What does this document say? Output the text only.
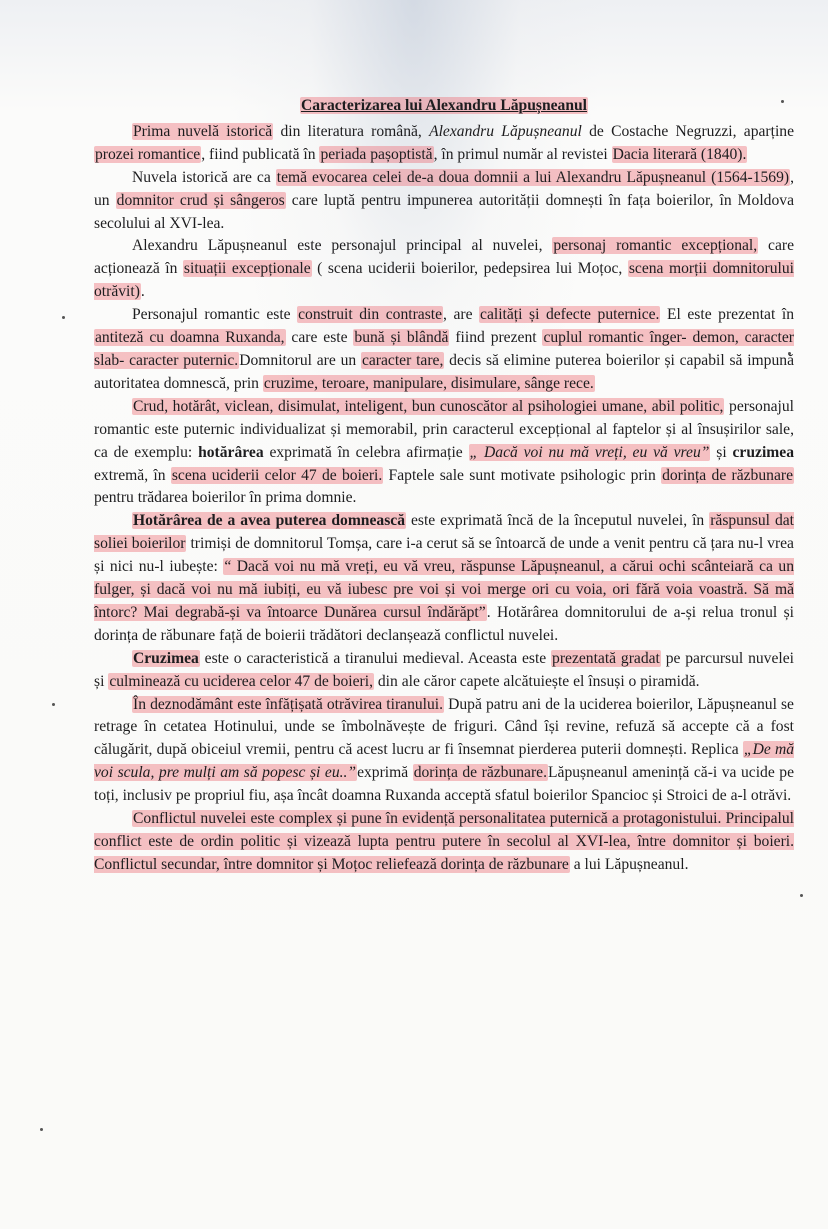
Caracterizarea lui Alexandru Lăpușneanul

Prima nuvelă istorică din literatura română, Alexandru Lăpușneanul de Costache Negruzzi, aparține prozei romantice, fiind publicată în periada pașoptistă, în primul număr al revistei Dacia literară (1840).

Nuvela istorică are ca temă evocarea celei de-a doua domnii a lui Alexandru Lăpușneanul (1564-1569), un domnitor crud și sângeros care luptă pentru impunerea autorității domnești în fața boierilor, în Moldova secolului al XVI-lea.

Alexandru Lăpușneanul este personajul principal al nuvelei, personaj romantic excepțional, care acționează în situații excepționale ( scena uciderii boierilor, pedepsirea lui Moțoc, scena morții domnitorului otrăvit).

Personajul romantic este construit din contraste, are calități și defecte puternice. El este prezentat în antiteză cu doamna Ruxanda, care este bună și blândă fiind prezent cuplul romantic înger- demon, caracter slab- caracter puternic.Domnitorul are un caracter tare, decis să elimine puterea boierilor și capabil să impună autoritatea domnescă, prin cruzime, teroare, manipulare, disimulare, sânge rece.

Crud, hotărât, viclean, disimulat, inteligent, bun cunoscător al psihologiei umane, abil politic, personajul romantic este puternic individualizat și memorabil, prin caracterul excepțional al faptelor și al însușirilor sale, ca de exemplu: hotărârea exprimată în celebra afirmație „ Dacă voi nu mă vreți, eu vă vreu” și cruzimea extremă, în scena uciderii celor 47 de boieri. Faptele sale sunt motivate psihologic prin dorința de răzbunare pentru trădarea boierilor în prima domnie.

Hotărârea de a avea puterea domnească este exprimată încă de la începutul nuvelei, în răspunsul dat soliei boierilor trimiși de domnitorul Tomșa, care i-a cerut să se întoarcă de unde a venit pentru că țara nu-l vrea și nici nu-l iubește: “ Dacă voi nu mă vreți, eu vă vreu, răspunse Lăpușneanul, a cărui ochi scânteiară ca un fulger, și dacă voi nu mă iubiți, eu vă iubesc pre voi și voi merge ori cu voia, ori fără voia voastră. Să mă întorc? Mai degrabă-și va întoarce Dunărea cursul îndărăpt”. Hotărârea domnitorului de a-și relua tronul și dorința de răbunare față de boierii trădători declanșează conflictul nuvelei.

Cruzimea este o caracteristică a tiranului medieval. Aceasta este prezentată gradat pe parcursul nuvelei și culminează cu uciderea celor 47 de boieri, din ale căror capete alcătuiește el însuși o piramidă.

În deznodământ este înfățișată otrăvirea tiranului. După patru ani de la uciderea boierilor, Lăpușneanul se retrage în cetatea Hotinului, unde se îmbolnăvește de friguri. Când își revine, refuză să accepte că a fost călugărit, după obiceiul vremii, pentru că acest lucru ar fi însemnat pierderea puterii domnești. Replica „De mă voi scula, pre mulți am să popesc și eu..”exprimă dorința de răzbunare.Lăpușneanul amenință că-i va ucide pe toți, inclusiv pe propriul fiu, așa încât doamna Ruxanda acceptă sfatul boierilor Spancioc și Stroici de a-l otrăvi.

Conflictul nuvelei este complex și pune în evidență personalitatea puternică a protagonistului. Principalul conflict este de ordin politic și vizează lupta pentru putere în secolul al XVI-lea, între domnitor și boieri. Conflictul secundar, între domnitor și Moțoc reliefează dorința de răzbunare a lui Lăpușneanul.
